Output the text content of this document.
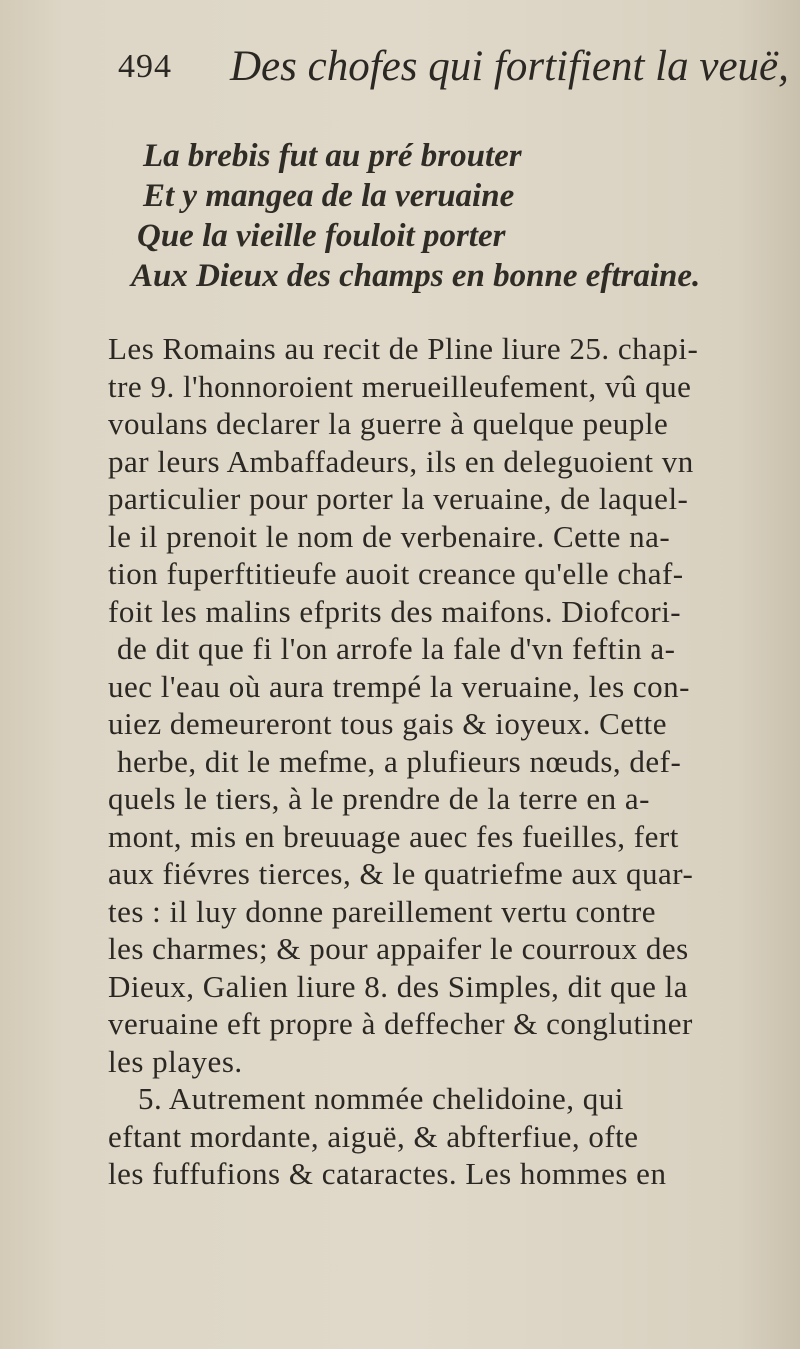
494 Des chofes qui fortifient la veuë,
La brebis fut au pré brouter
Et y mangea de la veruaine
Que la vieille fouloit porter
Aux Dieux des champs en bonne eftraine.
Les Romains au recit de Pline liure 25. chapi-
tre 9. l'honnoroient merueilleufement, vû que
voulans declarer la guerre à quelque peuple
par leurs Ambaffadeurs, ils en deleguoient vn
particulier pour porter la veruaine, de laquel-
le il prenoit le nom de verbenaire. Cette na-
tion fuperftitieufe auoit creance qu'elle chaf-
foit les malins efprits des maifons. Diofcori-
de dit que fi l'on arrofe la fale d'vn feftin a-
uec l'eau où aura trempé la veruaine, les con-
uiez demeureront tous gais & ioyeux. Cette
herbe, dit le mefme, a plufieurs nœuds, def-
quels le tiers, à le prendre de la terre en a-
mont, mis en breuuage auec fes fueilles, fert
aux fiévres tierces, & le quatriefme aux quar-
tes : il luy donne pareillement vertu contre
les charmes; & pour appaifer le courroux des
Dieux, Galien liure 8. des Simples, dit que la
veruaine eft propre à deffecher & conglutiner
les playes.
5. Autrement nommée chelidoine, qui
eftant mordante, aiguë, & abfterfiue, ofte
les fuffufions & cataractes. Les hommes en
